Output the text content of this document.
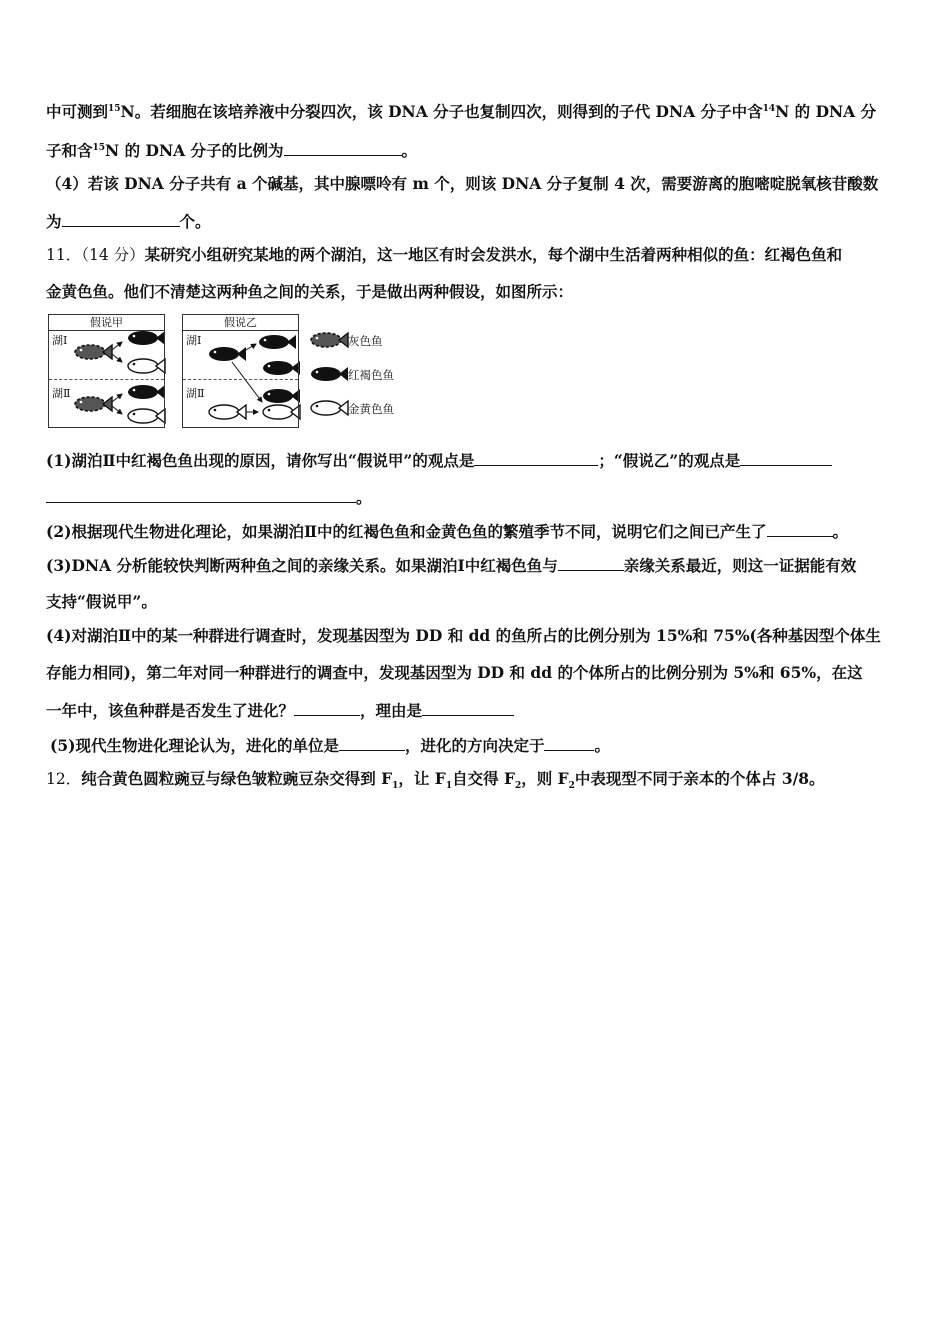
中可测到$^{15}$N。若细胞在该培养液中分裂四次，该 DNA 分子也复制四次，则得到的子代 DNA 分子中含$^{14}$N 的 DNA 分
子和含$^{15}$N 的 DNA 分子的比例为	。
（4）若该 DNA 分子共有 a 个碱基，其中腺嘌呤有 m 个，则该 DNA 分子复制 4 次，需要游离的胞嘧啶脱氧核苷酸数
为	个。
11．（14 分）某研究小组研究某地的两个湖泊，这一地区有时会发洪水，每个湖中生活着两种相似的鱼：红褐色鱼和
金黄色鱼。他们不清楚这两种鱼之间的关系，于是做出两种假设，如图所示：
假说甲
湖Ⅰ
湖Ⅱ
假说乙
湖Ⅰ
湖Ⅱ
灰色鱼
红褐色鱼
金黄色鱼
(1)湖泊Ⅱ中红褐色鱼出现的原因，请你写出“假说甲”的观点是	；“假说乙”的观点是
。
(2)根据现代生物进化理论，如果湖泊Ⅱ中的红褐色鱼和金黄色鱼的繁殖季节不同，说明它们之间已产生了	。
(3)DNA 分析能较快判断两种鱼之间的亲缘关系。如果湖泊Ⅰ中红褐色鱼与	亲缘关系最近，则这一证据能有效
支持“假说甲”。
(4)对湖泊Ⅱ中的某一种群进行调查时，发现基因型为 DD 和 dd 的鱼所占的比例分别为 15%和 75%(各种基因型个体生
存能力相同)，第二年对同一种群进行的调查中，发现基因型为 DD 和 dd 的个体所占的比例分别为 5%和 65%，在这
一年中，该鱼种群是否发生了进化？	，理由是
(5)现代生物进化理论认为，进化的单位是	，进化的方向决定于	。
12．纯合黄色圆粒豌豆与绿色皱粒豌豆杂交得到 $F_1$，让 $F_1$自交得 $F_2$，则 $F_2$中表现型不同于亲本的个体占 3/8。
